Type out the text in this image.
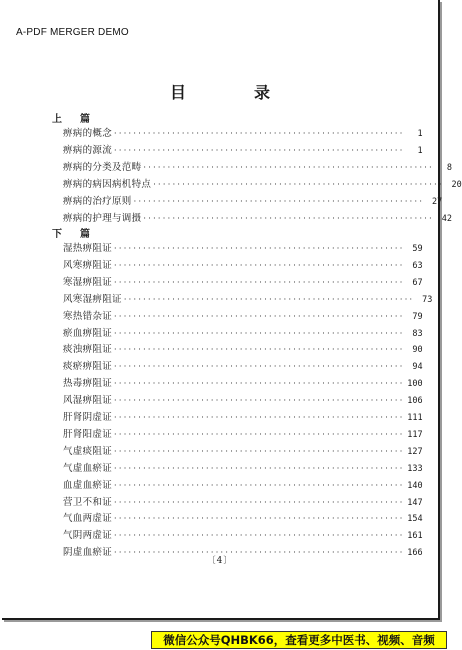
A-PDF MERGER DEMO
目　录
上　篇
痹病的概念 ····························································	1
痹病的源流 ····························································	1
痹病的分类及范畴 ····························································	8
痹病的病因病机特点 ···························································· 20
痹病的治疗原则 ···························································· 27
痹病的护理与调摄 ···························································· 42
下　篇
湿热痹阻证 ···························································· 59
风寒痹阻证 ···························································· 63
寒湿痹阻证 ···························································· 67
风寒湿痹阻证 ···························································· 73
寒热错杂证 ···························································· 79
瘀血痹阻证 ···························································· 83
痰浊痹阻证 ···························································· 90
痰瘀痹阻证 ···························································· 94
热毒痹阻证 ···························································· 100
风湿痹阻证 ···························································· 106
肝肾阴虚证 ···························································· 111
肝肾阳虚证 ···························································· 117
气虚痰阻证 ···························································· 127
气虚血瘀证 ···························································· 133
血虚血瘀证 ···························································· 140
营卫不和证 ···························································· 147
气血两虚证 ···························································· 154
气阴两虚证 ···························································· 161
阴虚血瘀证 ···························································· 166
〔4〕
微信公众号QHBK66，查看更多中医书、视频、音频
